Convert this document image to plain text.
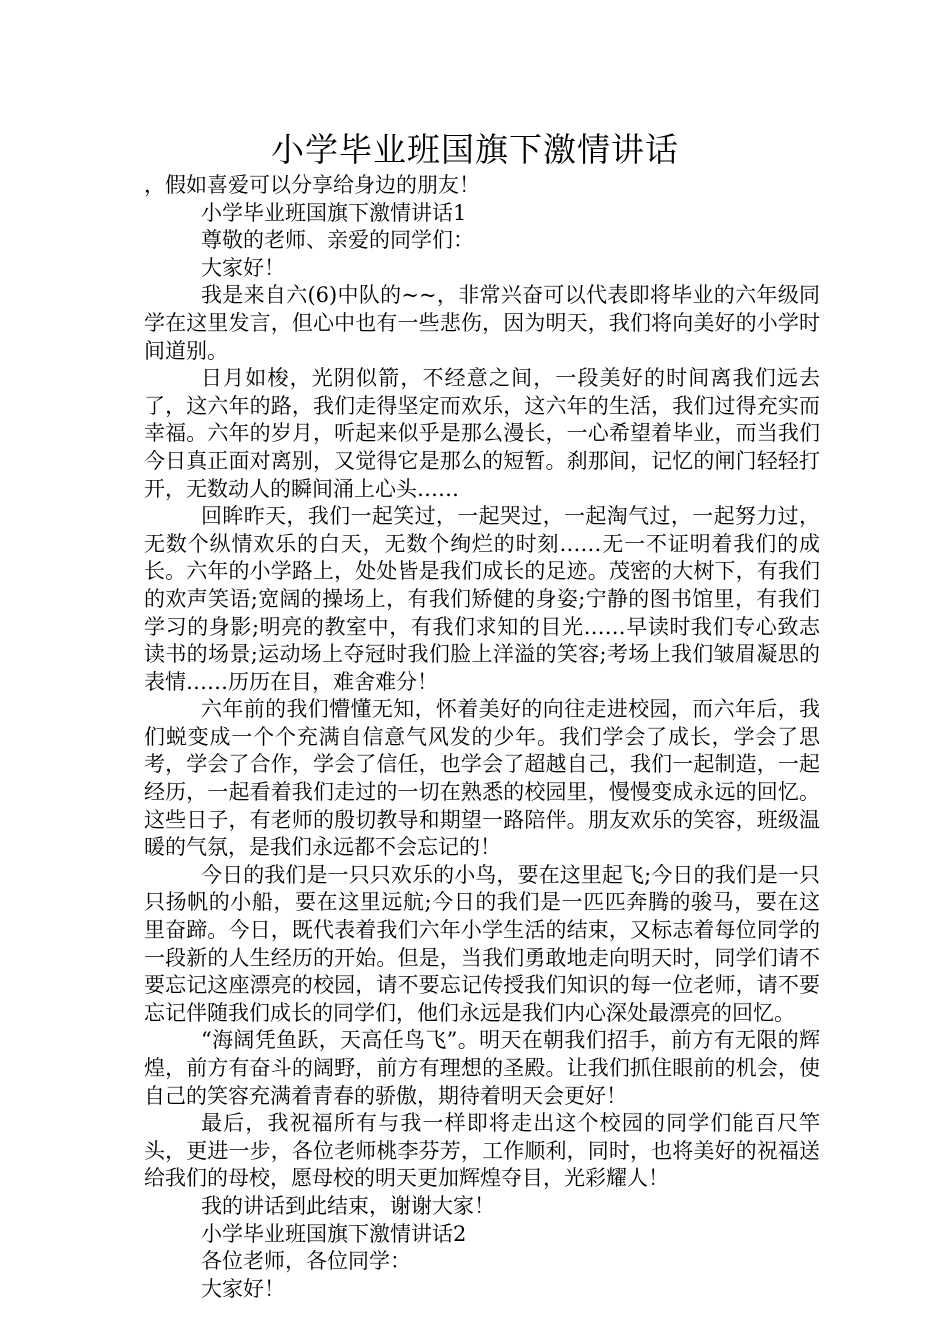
小学毕业班国旗下激情讲话

，假如喜爱可以分享给身边的朋友！

小学毕业班国旗下激情讲话1

尊敬的老师、亲爱的同学们：

大家好！

我是来自六(6)中队的~~，非常兴奋可以代表即将毕业的六年级同学在这里发言，但心中也有一些悲伤，因为明天，我们将向美好的小学时间道别。

日月如梭，光阴似箭，不经意之间，一段美好的时间离我们远去了，这六年的路，我们走得坚定而欢乐，这六年的生活，我们过得充实而幸福。六年的岁月，听起来似乎是那么漫长，一心希望着毕业，而当我们今日真正面对离别，又觉得它是那么的短暂。刹那间，记忆的闸门轻轻打开，无数动人的瞬间涌上心头……

回眸昨天，我们一起笑过，一起哭过，一起淘气过，一起努力过，无数个纵情欢乐的白天，无数个绚烂的时刻……无一不证明着我们的成长。六年的小学路上，处处皆是我们成长的足迹。茂密的大树下，有我们的欢声笑语;宽阔的操场上，有我们矫健的身姿;宁静的图书馆里，有我们学习的身影;明亮的教室中，有我们求知的目光……早读时我们专心致志读书的场景;运动场上夺冠时我们脸上洋溢的笑容;考场上我们皱眉凝思的表情……历历在目，难舍难分！

六年前的我们懵懂无知，怀着美好的向往走进校园，而六年后，我们蜕变成一个个充满自信意气风发的少年。我们学会了成长，学会了思考，学会了合作，学会了信任，也学会了超越自己，我们一起制造，一起经历，一起看着我们走过的一切在熟悉的校园里，慢慢变成永远的回忆。这些日子，有老师的殷切教导和期望一路陪伴。朋友欢乐的笑容，班级温暖的气氛，是我们永远都不会忘记的！

今日的我们是一只只欢乐的小鸟，要在这里起飞;今日的我们是一只只扬帆的小船，要在这里远航;今日的我们是一匹匹奔腾的骏马，要在这里奋蹄。今日，既代表着我们六年小学生活的结束，又标志着每位同学的一段新的人生经历的开始。但是，当我们勇敢地走向明天时，同学们请不要忘记这座漂亮的校园，请不要忘记传授我们知识的每一位老师，请不要忘记伴随我们成长的同学们，他们永远是我们内心深处最漂亮的回忆。

“海阔凭鱼跃，天高任鸟飞”。明天在朝我们招手，前方有无限的辉煌，前方有奋斗的阔野，前方有理想的圣殿。让我们抓住眼前的机会，使自己的笑容充满着青春的骄傲，期待着明天会更好！

最后，我祝福所有与我一样即将走出这个校园的同学们能百尺竿头，更进一步，各位老师桃李芬芳，工作顺利，同时，也将美好的祝福送给我们的母校，愿母校的明天更加辉煌夺目，光彩耀人！

我的讲话到此结束，谢谢大家！

小学毕业班国旗下激情讲话2

各位老师，各位同学：

大家好！
